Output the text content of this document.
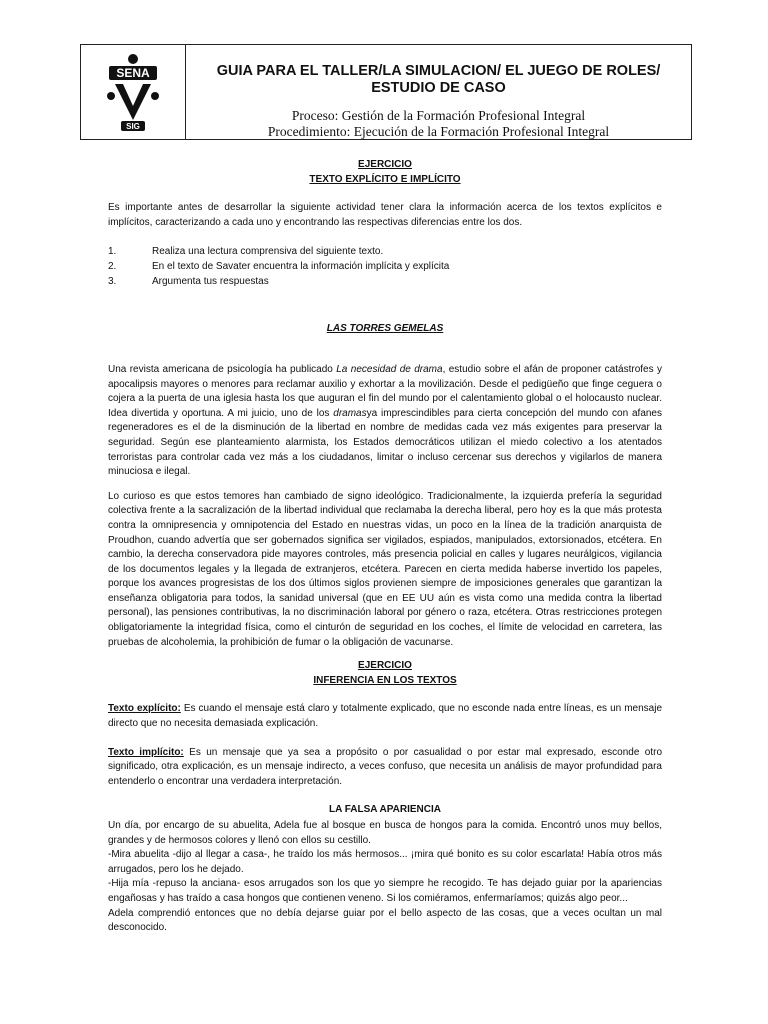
SENA
SIG
GUIA PARA EL TALLER/LA SIMULACION/ EL JUEGO DE ROLES/
ESTUDIO DE CASO
Proceso: Gestión de la Formación Profesional Integral
Procedimiento: Ejecución de la Formación Profesional Integral
EJERCICIO
TEXTO EXPLÍCITO E IMPLÍCITO

Es importante antes de desarrollar la siguiente actividad tener clara la información acerca de los textos explícitos e implícitos, caracterizando a cada uno y encontrando las respectivas diferencias entre los dos.

1.	Realiza una lectura comprensiva del siguiente texto.
2.	En el texto de Savater encuentra la información implícita y explícita
3.	Argumenta tus respuestas
LAS TORRES GEMELAS

Una revista americana de psicología ha publicado La necesidad de drama, estudio sobre el afán de proponer catástrofes y apocalipsis mayores o menores para reclamar auxilio y exhortar a la movilización. Desde el pedigüeño que finge ceguera o cojera a la puerta de una iglesia hasta los que auguran el fin del mundo por el calentamiento global o el holocausto nuclear. Idea divertida y oportuna. A mi juicio, uno de los dramasya imprescindibles para cierta concepción del mundo con afanes regeneradores es el de la disminución de la libertad en nombre de medidas cada vez más exigentes para preservar la seguridad. Según ese planteamiento alarmista, los Estados democráticos utilizan el miedo colectivo a los atentados terroristas para controlar cada vez más a los ciudadanos, limitar o incluso cercenar sus derechos y vigilarlos de manera minuciosa e ilegal.

Lo curioso es que estos temores han cambiado de signo ideológico. Tradicionalmente, la izquierda prefería la seguridad colectiva frente a la sacralización de la libertad individual que reclamaba la derecha liberal, pero hoy es la que más protesta contra la omnipresencia y omnipotencia del Estado en nuestras vidas, un poco en la línea de la tradición anarquista de Proudhon, cuando advertía que ser gobernados significa ser vigilados, espiados, manipulados, extorsionados, etcétera. En cambio, la derecha conservadora pide mayores controles, más presencia policial en calles y lugares neurálgicos, vigilancia de los documentos legales y la llegada de extranjeros, etcétera. Parecen en cierta medida haberse invertido los papeles, porque los avances progresistas de los dos últimos siglos provienen siempre de imposiciones generales que garantizan la enseñanza obligatoria para todos, la sanidad universal (que en EE UU aún es vista como una medida contra la libertad personal), las pensiones contributivas, la no discriminación laboral por género o raza, etcétera. Otras restricciones protegen obligatoriamente la integridad física, como el cinturón de seguridad en los coches, el límite de velocidad en carretera, las pruebas de alcoholemia, la prohibición de fumar o la obligación de vacunarse.

EJERCICIO
INFERENCIA EN LOS TEXTOS

Texto explícito: Es cuando el mensaje está claro y totalmente explicado, que no esconde nada entre líneas, es un mensaje directo que no necesita demasiada explicación.

Texto implícito: Es un mensaje que ya sea a propósito o por casualidad o por estar mal expresado, esconde otro significado, otra explicación, es un mensaje indirecto, a veces confuso, que necesita un análisis de mayor profundidad para entenderlo o encontrar una verdadera interpretación.

LA FALSA APARIENCIA

Un día, por encargo de su abuelita, Adela fue al bosque en busca de hongos para la comida. Encontró unos muy bellos, grandes y de hermosos colores y llenó con ellos su cestillo.

-Mira abuelita -dijo al llegar a casa-, he traído los más hermosos... ¡mira qué bonito es su color escarlata! Había otros más arrugados, pero los he dejado.

-Hija mía -repuso la anciana- esos arrugados son los que yo siempre he recogido. Te has dejado guiar por la apariencias engañosas y has traído a casa hongos que contienen veneno. Si los comiéramos, enfermaríamos; quizás algo peor...

Adela comprendió entonces que no debía dejarse guiar por el bello aspecto de las cosas, que a veces ocultan un mal desconocido.
